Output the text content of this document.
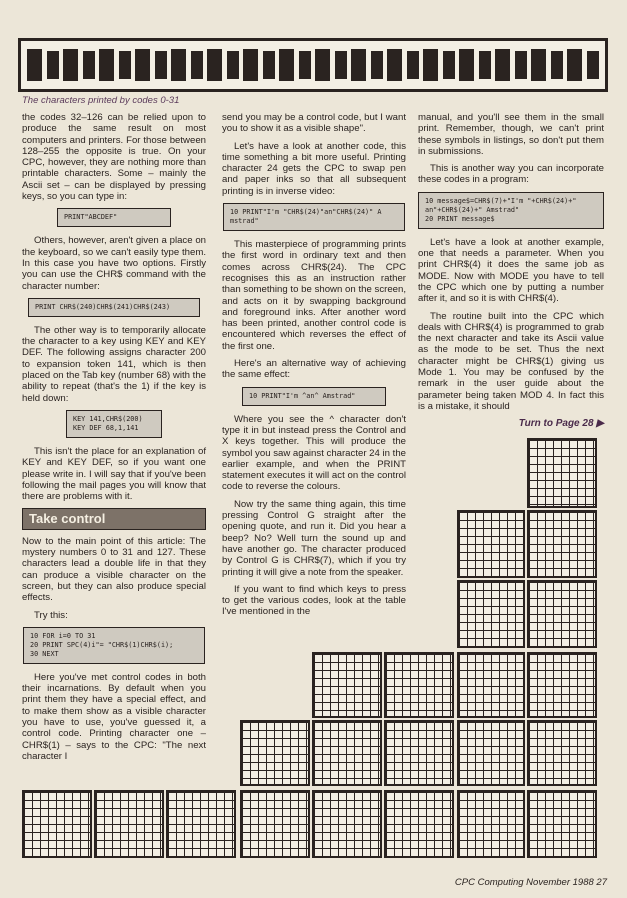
The characters printed by codes 0-31

the codes 32–126 can be relied upon to produce the same result on most computers and printers. For those between 128–255 the opposite is true. On your CPC, however, they are nothing more than printable characters. Some – mainly the Ascii set – can be displayed by pressing keys, so you can type in:

PRINT"ABCDEF"

Others, however, aren't given a place on the keyboard, so we can't easily type them. In this case you have two options. Firstly you can use the CHR$ command with the character number:

PRINT CHR$(240)CHR$(241)CHR$(243)

The other way is to temporarily allocate the character to a key using KEY and KEY DEF. The following assigns character 200 to expansion token 141, which is then placed on the Tab key (number 68) with the ability to repeat (that's the 1) if the key is held down:

KEY 141,CHR$(200)
KEY DEF 68,1,141

This isn't the place for an explanation of KEY and KEY DEF, so if you want one please write in. I will say that if you've been following the mail pages you will know that there are problems with it.

Take control

Now to the main point of this article: The mystery numbers 0 to 31 and 127. These characters lead a double life in that they can produce a visible character on the screen, but they can also produce special effects.

Try this:

10 FOR i=0 TO 31
20 PRINT SPC(4)i"= "CHR$(1)CHR$(i);
30 NEXT

Here you've met control codes in both their incarnations. By default when you print them they have a special effect, and to make them show as a visible character you have to use, you've guessed it, a control code. Printing character one – CHR$(1) – says to the CPC: "The next character I

send you may be a control code, but I want you to show it as a visible shape".

Let's have a look at another code, this time something a bit more useful. Printing character 24 gets the CPC to swap pen and paper inks so that all subsequent printing is in inverse video:

10 PRINT"I'm "CHR$(24)"an"CHR$(24)" A
mstrad"

This masterpiece of programming prints the first word in ordinary text and then comes across CHR$(24). The CPC recognises this as an instruction rather than something to be shown on the screen, and acts on it by swapping background and foreground inks. After another word has been printed, another control code is encountered which reverses the effect of the first one.

Here's an alternative way of achieving the same effect:

10 PRINT"I'm ^an^ Amstrad"

Where you see the ^ character don't type it in but instead press the Control and X keys together. This will produce the symbol you saw against character 24 in the earlier example, and when the PRINT statement executes it will act on the control code to reverse the colours.

Now try the same thing again, this time pressing Control G straight after the opening quote, and run it. Did you hear a beep? No? Well turn the sound up and have another go. The character produced by Control G is CHR$(7), which if you try printing it will give a note from the speaker.

If you want to find which keys to press to get the various codes, look at the table I've mentioned in the

manual, and you'll see them in the small print. Remember, though, we can't print these symbols in listings, so don't put them in submissions.

This is another way you can incorporate these codes in a program:

10 message$=CHR$(7)+"I'm "+CHR$(24)+"
an"+CHR$(24)+" Amstrad"
20 PRINT message$

Let's have a look at another example, one that needs a parameter. When you print CHR$(4) it does the same job as MODE. Now with MODE you have to tell the CPC which one by putting a number after it, and so it is with CHR$(4).

The routine built into the CPC which deals with CHR$(4) is programmed to grab the next character and take its Ascii value as the mode to be set. Thus the next character might be CHR$(1) giving us Mode 1. You may be confused by the remark in the user guide about the parameter being taken MOD 4. In fact this is a mistake, it should

Turn to Page 28 ▶
CPC Computing November 1988 27
